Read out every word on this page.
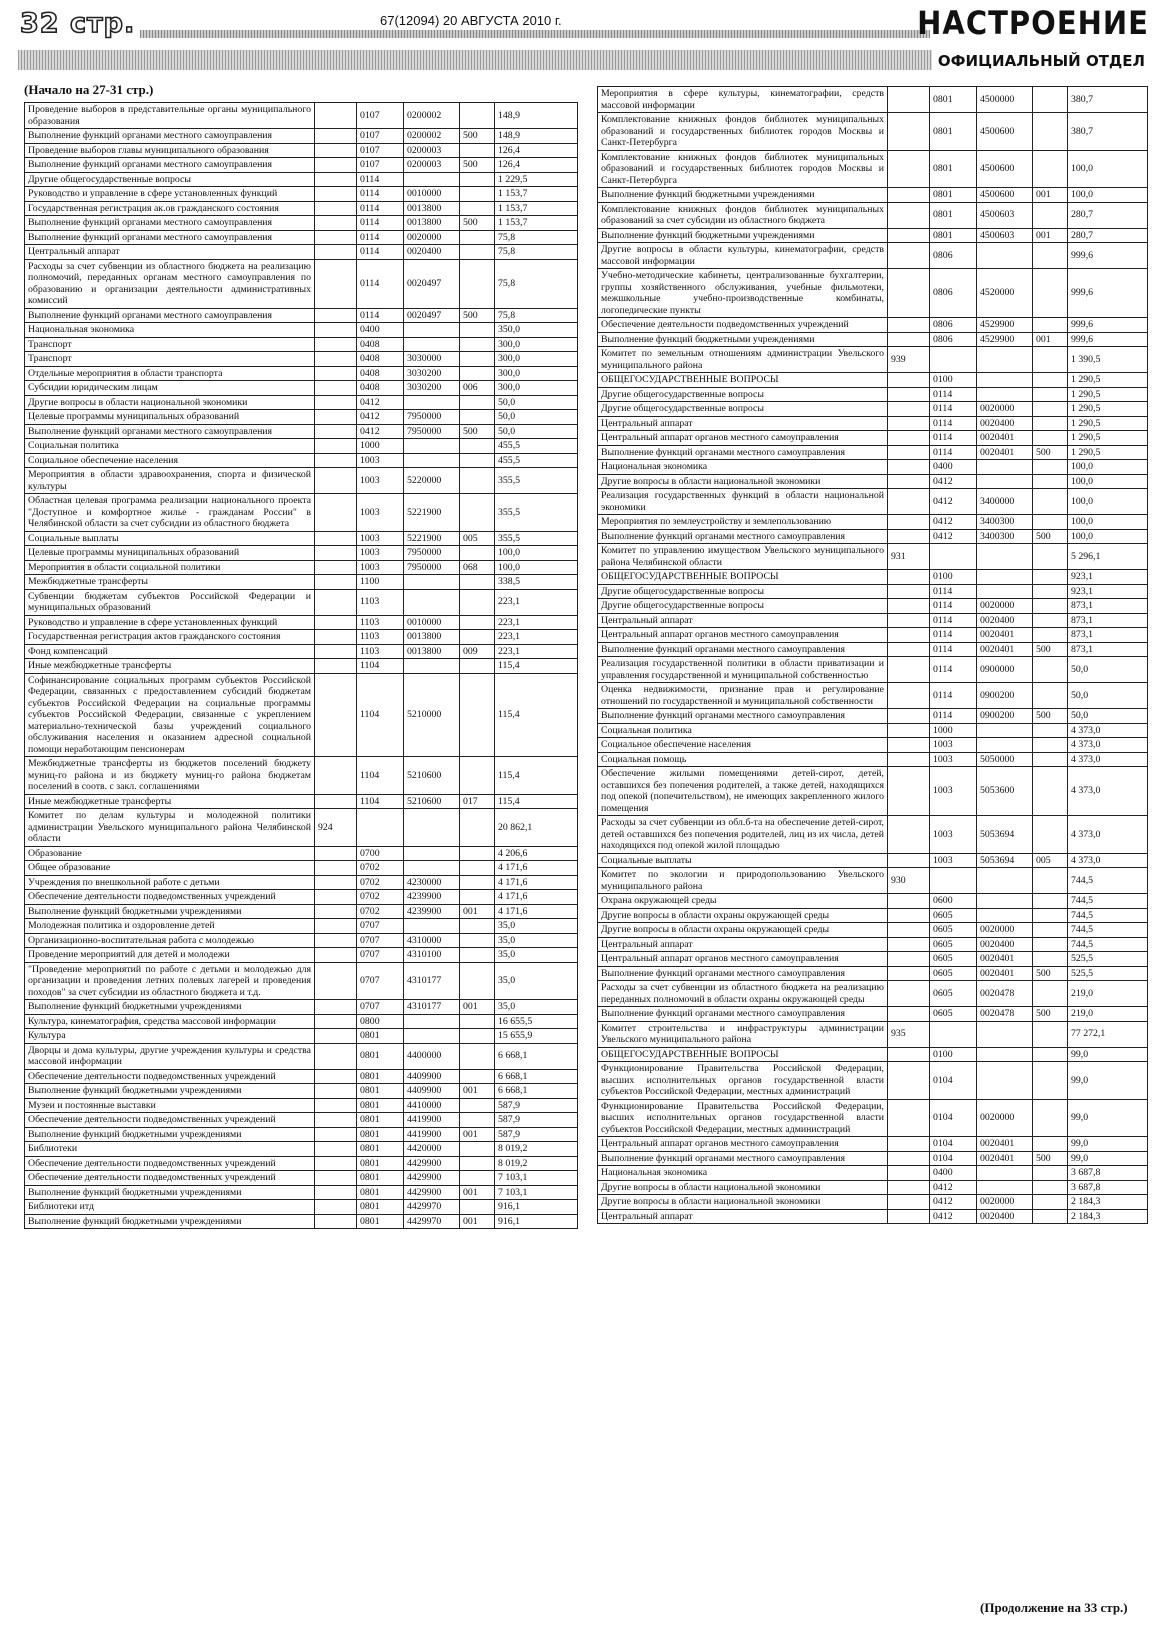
32 стр.	67(12094) 20 АВГУСТА 2010 г.	НАСТРОЕНИЕ
ОФИЦИАЛЬНЫЙ ОТДЕЛ
(Начало на 27-31 стр.)
Проведение выборов в представительные органы муниципального образования		0107	0200002		148,9
Выполнение функций органами местного самоуправления		0107	0200002	500	148,9
Проведение выборов главы муниципального образования		0107	0200003		126,4
Выполнение функций органами местного самоуправления		0107	0200003	500	126,4
Другие общегосударственные вопросы		0114			1 229,5
Руководство и управление в сфере установленных функций		0114	0010000		1 153,7
Государственная регистрация ак.ов гражданского состояния		0114	0013800		1 153,7
Выполнение функций органами местного самоуправления		0114	0013800	500	1 153,7
Выполнение функций органами местного самоуправления		0114	0020000		75,8
Центральный аппарат		0114	0020400		75,8
Расходы за счет субвенции из областного бюджета на реализацию полномочий, переданных органам местного самоуправления по образованию и организации деятельности административных комиссий		0114	0020497		75,8
Выполнение функций органами местного самоуправления		0114	0020497	500	75,8
Национальная экономика		0400			350,0
Транспорт		0408			300,0
Транспорт		0408	3030000		300,0
Отдельные мероприятия в области транспорта		0408	3030200		300,0
Субсидии юридическим лицам		0408	3030200	006	300,0
Другие вопросы в области национальной экономики		0412			50,0
Целевые программы муниципальных образований		0412	7950000		50,0
Выполнение функций органами местного самоуправления		0412	7950000	500	50,0
Социальная политика		1000			455,5
Социальное обеспечение населения		1003			455,5
Мероприятия в области здравоохранения, спорта и физической культуры		1003	5220000		355,5
Областная целевая программа реализации национального проекта "Доступное и комфортное жилье - гражданам России" в Челябинской области за счет субсидии из областного бюджета		1003	5221900		355,5
Социальные выплаты		1003	5221900	005	355,5
Целевые программы муниципальных образований		1003	7950000		100,0
Мероприятия в области социальной политики		1003	7950000	068	100,0
Межбюджетные трансферты		1100			338,5
Субвенции бюджетам субъектов Российской Федерации и муниципальных образований		1103			223,1
Руководство и управление в сфере установленных функций		1103	0010000		223,1
Государственная регистрация актов гражданского состояния		1103	0013800		223,1
Фонд компенсаций		1103	0013800	009	223,1
Иные межбюджетные трансферты		1104			115,4
Софинансирование социальных программ субъектов Российской Федерации, связанных с предоставлением субсидий бюджетам субъектов Российской Федерации на социальные программы субъектов Российской Федерации, связанные с укреплением материально-технической базы учреждений социального обслуживания населения и оказанием адресной социальной помощи неработающим пенсионерам		1104	5210000		115,4
Межбюджетные трансферты из бюджетов поселений бюджету муниц-го района и из бюджету муниц-го района бюджетам поселений в соотв. с закл. соглашениями		1104	5210600		115,4
Иные межбюджетные трансферты		1104	5210600	017	115,4
Комитет по делам культуры и молодежной политики администрации Увельского муниципального района Челябинской области	924				20 862,1
Образование		0700			4 206,6
Общее образование		0702			4 171,6
Учреждения по внешкольной работе с детьми		0702	4230000		4 171,6
Обеспечение деятельности подведомственных учреждений		0702	4239900		4 171,6
Выполнение функций бюджетными учреждениями		0702	4239900	001	4 171,6
Молодежная политика и оздоровление детей		0707			35,0
Организационно-воспитательная работа с молодежью		0707	4310000		35,0
Проведение мероприятий для детей и молодежи		0707	4310100		35,0
"Проведение мероприятий по работе с детьми и молодежью для организации и проведения летних полевых лагерей и проведения походов" за счет субсидии из областного бюджета и т.д.		0707	4310177		35,0
Выполнение функций бюджетными учреждениями		0707	4310177	001	35,0
Культура, кинематография, средства массовой информации		0800			16 655,5
Культура		0801			15 655,9
Дворцы и дома культуры, другие учреждения культуры и средства массовой информации		0801	4400000		6 668,1
Обеспечение деятельности подведомственных учреждений		0801	4409900		6 668,1
Выполнение функций бюджетными учреждениями		0801	4409900	001	6 668,1
Музеи и постоянные выставки		0801	4410000		587,9
Обеспечение деятельности подведомственных учреждений		0801	4419900		587,9
Выполнение функций бюджетными учреждениями		0801	4419900	001	587,9
Библиотеки		0801	4420000		8 019,2
Обеспечение деятельности подведомственных учреждений		0801	4429900		8 019,2
Обеспечение деятельности подведомственных учреждений		0801	4429900		7 103,1
Выполнение функций бюджетными учреждениями		0801	4429900	001	7 103,1
Библиотеки итд		0801	4429970		916,1
Выполнение функций бюджетными учреждениями		0801	4429970	001	916,1
Мероприятия в сфере культуры, кинематографии, средств массовой информации		0801	4500000		380,7
Комплектование книжных фондов библиотек муниципальных образований и государственных библиотек городов Москвы и Санкт-Петербурга		0801	4500600		380,7
Комплектование книжных фондов библиотек муниципальных образований и государственных библиотек городов Москвы и Санкт-Петербурга		0801	4500600		100,0
Выполнение функций бюджетными учреждениями		0801	4500600	001	100,0
Комплектование книжных фондов библиотек муниципальных образований за счет субсидии из областного бюджета		0801	4500603		280,7
Выполнение функций бюджетными учреждениями		0801	4500603	001	280,7
Другие вопросы в области культуры, кинематографии, средств массовой информации		0806			999,6
Учебно-методические кабинеты, централизованные бухгалтерии, группы хозяйственного обслуживания, учебные фильмотеки, межшкольные учебно-производственные комбинаты, логопедические пункты		0806	4520000		999,6
Обеспечение деятельности подведомственных учреждений		0806	4529900		999,6
Выполнение функций бюджетными учреждениями		0806	4529900	001	999,6
Комитет по земельным отношениям администрации Увельского муниципального района	939				1 390,5
ОБЩЕГОСУДАРСТВЕННЫЕ ВОПРОСЫ		0100			1 290,5
Другие общегосударственные вопросы		0114			1 290,5
Другие общегосударственные вопросы		0114	0020000		1 290,5
Центральный аппарат		0114	0020400		1 290,5
Центральный аппарат органов местного самоуправления		0114	0020401		1 290,5
Выполнение функций органами местного самоуправления		0114	0020401	500	1 290,5
Национальная экономика		0400			100,0
Другие вопросы в области национальной экономики		0412			100,0
Реализация государственных функций в области национальной экономики		0412	3400000		100,0
Мероприятия по землеустройству и землепользованию		0412	3400300		100,0
Выполнение функций органами местного самоуправления		0412	3400300	500	100,0
Комитет по управлению имуществом Увельского муниципального района Челябинской области	931				5 296,1
ОБЩЕГОСУДАРСТВЕННЫЕ ВОПРОСЫ		0100			923,1
Другие общегосударственные вопросы		0114			923,1
Другие общегосударственные вопросы		0114	0020000		873,1
Центральный аппарат		0114	0020400		873,1
Центральный аппарат органов местного самоуправления		0114	0020401		873,1
Выполнение функций органами местного самоуправления		0114	0020401	500	873,1
Реализация государственной политики в области приватизации и управления государственной и муниципальной собственностью		0114	0900000		50,0
Оценка недвижимости, признание прав и регулирование отношений по государственной и муниципальной собственности		0114	0900200		50,0
Выполнение функций органами местного самоуправления		0114	0900200	500	50,0
Социальная политика		1000			4 373,0
Социальное обеспечение населения		1003			4 373,0
Социальная помощь		1003	5050000		4 373,0
Обеспечение жилыми помещениями детей-сирот, детей, оставшихся без попечения родителей, а также детей, находящихся под опекой (попечительством), не имеющих закрепленного жилого помещения		1003	5053600		4 373,0
Расходы за счет субвенции из обл.б-та на обеспечение детей-сирот, детей оставшихся без попечения родителей, лиц из их числа, детей находящихся под опекой жилой площадью		1003	5053694		4 373,0
Социальные выплаты		1003	5053694	005	4 373,0
Комитет по экологии и природопользованию Увельского муниципального района	930				744,5
Охрана окружающей среды		0600			744,5
Другие вопросы в области охраны окружающей среды		0605			744,5
Другие вопросы в области охраны окружающей среды		0605	0020000		744,5
Центральный аппарат		0605	0020400		744,5
Центральный аппарат органов местного самоуправления		0605	0020401		525,5
Выполнение функций органами местного самоуправления		0605	0020401	500	525,5
Расходы за счет субвенции из областного бюджета на реализацию переданных полномочий в области охраны окружающей среды		0605	0020478		219,0
Выполнение функций органами местного самоуправления		0605	0020478	500	219,0
Комитет строительства и инфраструктуры администрации Увельского муниципального района	935				77 272,1
ОБЩЕГОСУДАРСТВЕННЫЕ ВОПРОСЫ		0100			99,0
Функционирование Правительства Российской Федерации, высших исполнительных органов государственной власти субъектов Российской Федерации, местных администраций		0104			99,0
Функционирование Правительства Российской Федерации, высших исполнительных органов государственной власти субъектов Российской Федерации, местных администраций		0104	0020000		99,0
Центральный аппарат органов местного самоуправления		0104	0020401		99,0
Выполнение функций органами местного самоуправления		0104	0020401	500	99,0
Национальная экономика		0400			3 687,8
Другие вопросы в области национальной экономики		0412			3 687,8
Другие вопросы в области национальной экономики		0412	0020000		2 184,3
Центральный аппарат		0412	0020400		2 184,3
(Продолжение на 33 стр.)
